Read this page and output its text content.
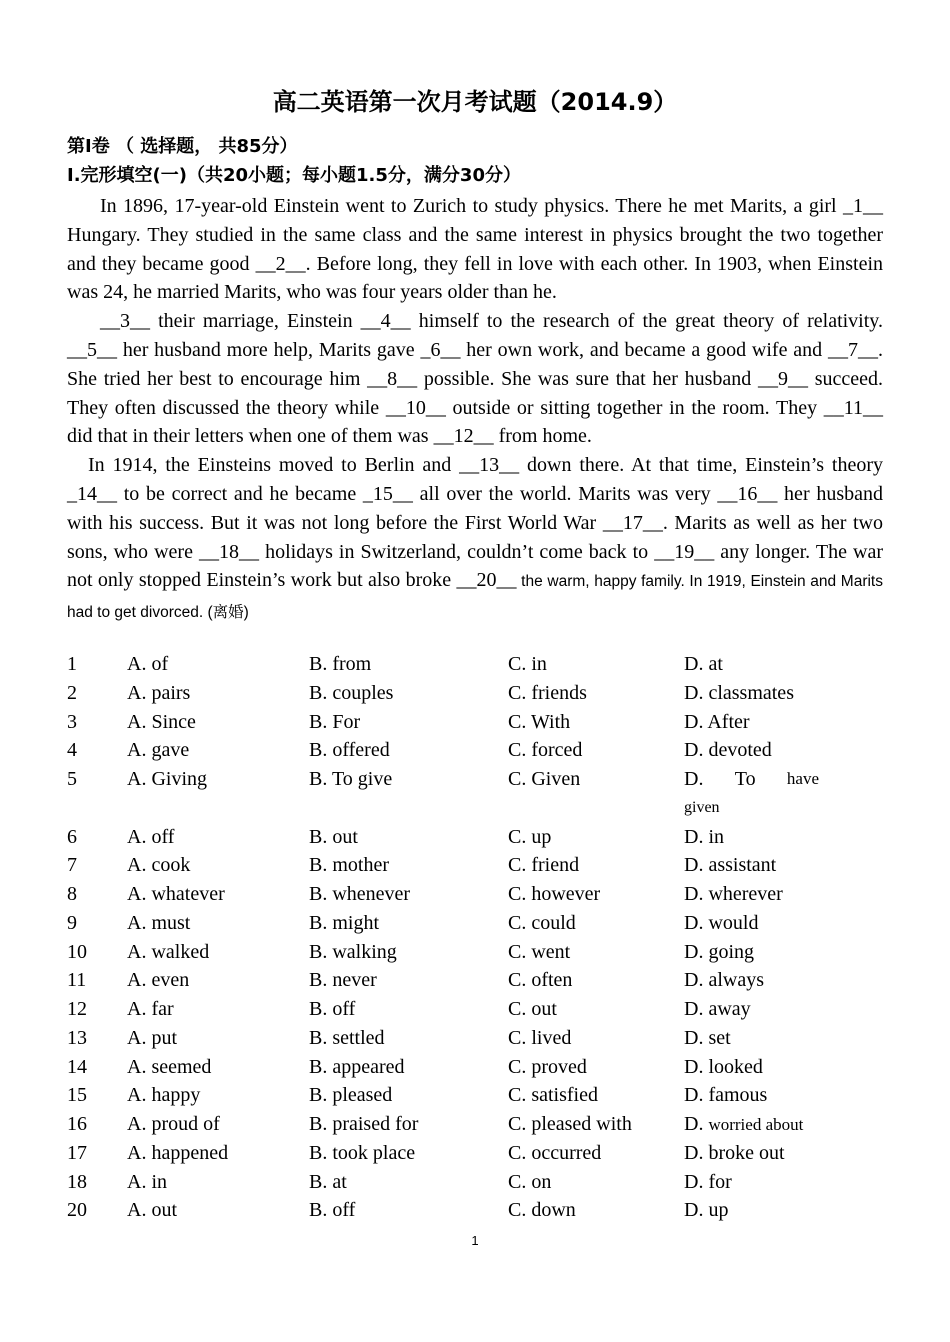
高二英语第一次月考试题（2014.9）
第Ⅰ卷 （ 选择题， 共85分）
I.完形填空(一)（共20小题；每小题1.5分，满分30分）

In 1896, 17-year-old Einstein went to Zurich to study physics. There he met Marits, a girl _1__ Hungary. They studied in the same class and the same interest in physics brought the two together and they became good __2__. Before long, they fell in love with each other. In 1903, when Einstein was 24, he married Marits, who was four years older than he.

__3__ their marriage, Einstein __4__ himself to the research of the great theory of relativity. __5__ her husband more help, Marits gave _6__ her own work, and became a good wife and __7__. She tried her best to encourage him __8__ possible. She was sure that her husband __9__ succeed. They often discussed the theory while __10__ outside or sitting together in the room. They __11__ did that in their letters when one of them was __12__ from home.

In 1914, the Einsteins moved to Berlin and __13__ down there. At that time, Einstein’s theory _14__ to be correct and he became _15__ all over the world. Marits was very __16__ her husband with his success. But it was not long before the First World War __17__. Marits as well as her two sons, who were __18__ holidays in Switzerland, couldn’t come back to __19__ any longer. The war not only stopped Einstein’s work but also broke __20__ the warm, happy family. In 1919, Einstein and Marits had to get divorced. (离婚)

1	A. of	B. from	C. in	D. at
2	A. pairs	B. couples	C. friends	D. classmates
3	A. Since	B. For	C. With	D. After
4	A. gave	B. offered	C. forced	D. devoted
5	A. Giving	B. To give	C. Given	D. To have
given
6	A. off	B. out	C. up	D. in
7	A. cook	B. mother	C. friend	D. assistant
8	A. whatever	B. whenever	C. however	D. wherever
9	A. must	B. might	C. could	D. would
10 A. walked	B. walking	C. went	D. going
11 A. even	B. never	C. often	D. always
12 A. far	B. off	C. out	D. away
13 A. put	B. settled	C. lived	D. set
14 A. seemed	B. appeared	C. proved	D. looked
15 A. happy	B. pleased	C. satisfied	D. famous
16 A. proud of	B. praised for	C. pleased with	D. worried about
17 A. happened	B. took place	C. occurred	D. broke out
18 A. in	B. at	C. on	D. for
20 A. out	B. off	C. down	D. up
1
